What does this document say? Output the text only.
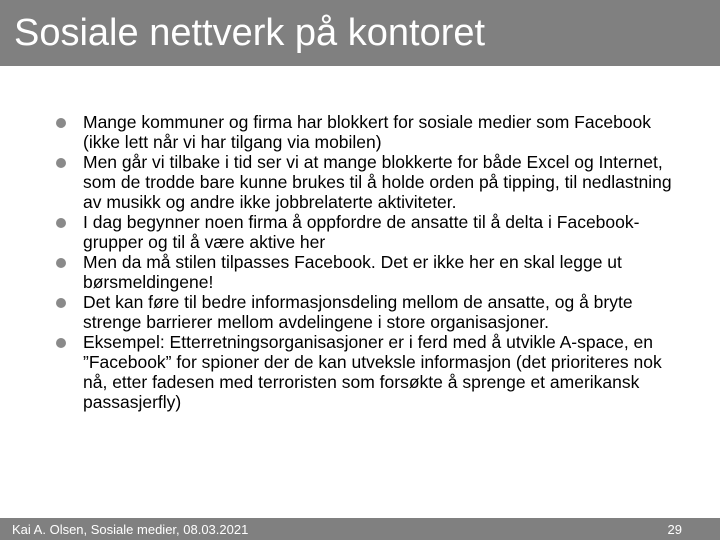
Sosiale nettverk på kontoret
Mange kommuner og firma har blokkert for sosiale medier som Facebook (ikke lett når vi har tilgang via mobilen)
Men går vi tilbake i tid ser vi at mange blokkerte for både Excel og Internet, som de trodde bare kunne brukes til å holde orden på tipping, til nedlastning av musikk og andre ikke jobbrelaterte aktiviteter.
I dag begynner noen firma å oppfordre de ansatte til å delta i Facebook-grupper og til å være aktive her
Men da må stilen tilpasses Facebook. Det er ikke her en skal legge ut børsmeldingene!
Det kan føre til bedre informasjonsdeling mellom de ansatte, og å bryte strenge barrierer mellom avdelingene i store organisasjoner.
Eksempel: Etterretningsorganisasjoner er i ferd med å utvikle A-space, en ”Facebook” for spioner der de kan utveksle informasjon (det prioriteres nok nå, etter fadesen med terroristen som forsøkte å sprenge et amerikansk passasjerfly)
Kai A. Olsen, Sosiale medier, 08.03.2021	29
